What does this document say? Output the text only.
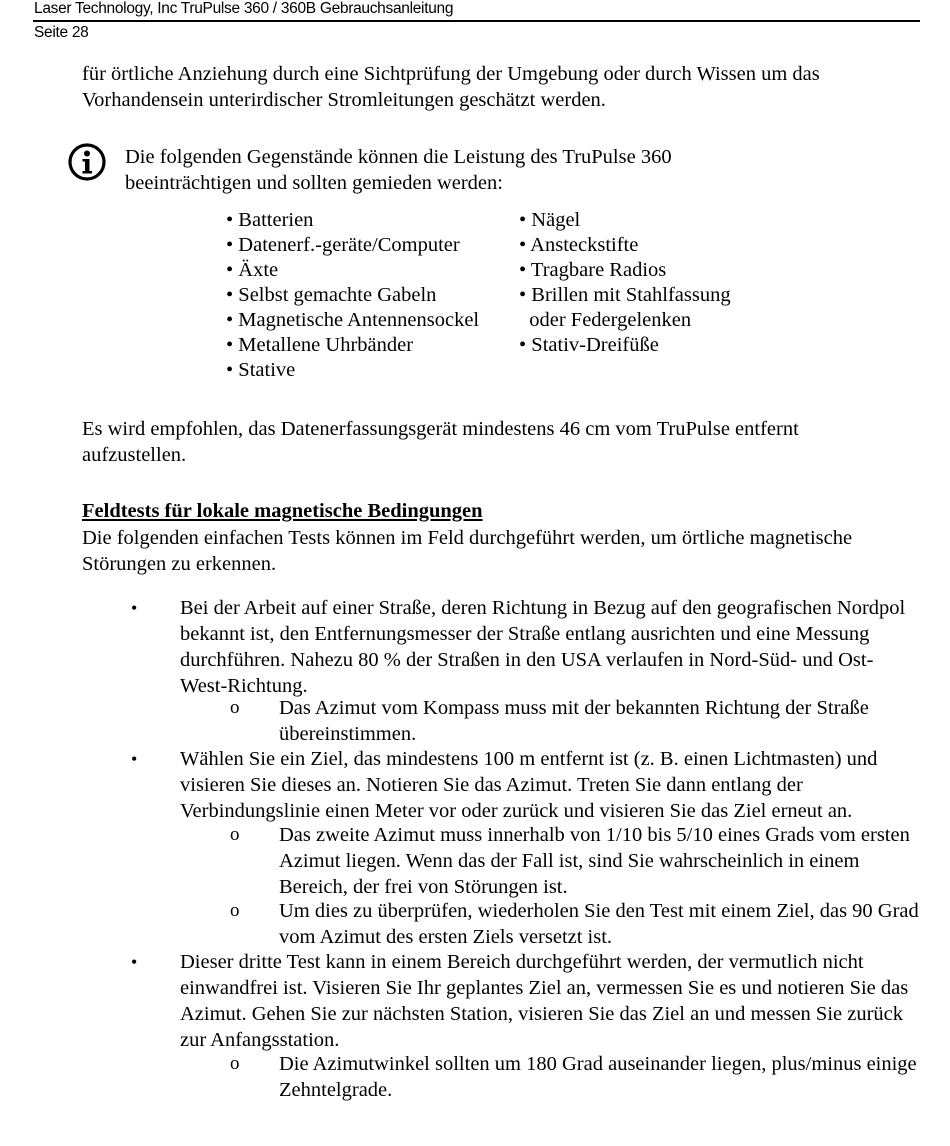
Laser Technology, Inc TruPulse 360 / 360B Gebrauchsanleitung
Seite 28

für örtliche Anziehung durch eine Sichtprüfung der Umgebung oder durch Wissen um das Vorhandensein unterirdischer Stromleitungen geschätzt werden.

Die folgenden Gegenstände können die Leistung des TruPulse 360 beeinträchtigen und sollten gemieden werden:

• Batterien
• Datenerf.-geräte/Computer
• Äxte
• Selbst gemachte Gabeln
• Magnetische Antennensockel
• Metallene Uhrbänder
• Stative
• Nägel
• Ansteckstifte
• Tragbare Radios
• Brillen mit Stahlfassung
oder Federgelenken
• Stativ-Dreifüße

Es wird empfohlen, das Datenerfassungsgerät mindestens 46 cm vom TruPulse entfernt aufzustellen.

Feldtests für lokale magnetische Bedingungen

Die folgenden einfachen Tests können im Feld durchgeführt werden, um örtliche magnetische Störungen zu erkennen.

• Bei der Arbeit auf einer Straße, deren Richtung in Bezug auf den geografischen Nordpol bekannt ist, den Entfernungsmesser der Straße entlang ausrichten und eine Messung durchführen. Nahezu 80 % der Straßen in den USA verlaufen in Nord-Süd- und Ost-West-Richtung.

o Das Azimut vom Kompass muss mit der bekannten Richtung der Straße übereinstimmen.

• Wählen Sie ein Ziel, das mindestens 100 m entfernt ist (z. B. einen Lichtmasten) und visieren Sie dieses an. Notieren Sie das Azimut. Treten Sie dann entlang der Verbindungslinie einen Meter vor oder zurück und visieren Sie das Ziel erneut an.

o Das zweite Azimut muss innerhalb von 1/10 bis 5/10 eines Grads vom ersten Azimut liegen. Wenn das der Fall ist, sind Sie wahrscheinlich in einem Bereich, der frei von Störungen ist.

o Um dies zu überprüfen, wiederholen Sie den Test mit einem Ziel, das 90 Grad vom Azimut des ersten Ziels versetzt ist.

• Dieser dritte Test kann in einem Bereich durchgeführt werden, der vermutlich nicht einwandfrei ist. Visieren Sie Ihr geplantes Ziel an, vermessen Sie es und notieren Sie das Azimut. Gehen Sie zur nächsten Station, visieren Sie das Ziel an und messen Sie zurück zur Anfangsstation.

o Die Azimutwinkel sollten um 180 Grad auseinander liegen, plus/minus einige Zehntelgrade.
